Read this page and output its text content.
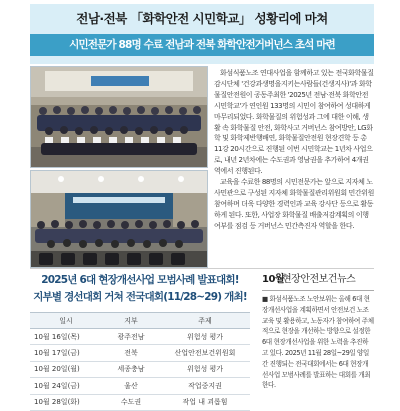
전남·전북 「화학안전 시민학교」 성황리에 마쳐
시민전문가 88명 수료 전남과 전북 화학안전거버넌스 초석 마련

화섬식품노조 연대사업을 함께하고 있는 전국화학물질감시단체 '건강과생명을지키는사람들(건생지사)'과 화학물질안전원이 공동주최한 '2025년 전남·전북 화학안전 시민학교'가 연인원 133명의 시민이 참여하여 성대하게 마무리되었다. 화학물질의 위험성과 그에 대한 이해, 생활 속 화학물질 안전, 화학사고 거버넌스 참여방안, LG화학 및 화학제반행배연, 화학물질안전원 현장견학 등 총 11강 20시간으로 진행된 이번 시민학교는 1년차 사업으로, 내년 2년차에는 수도권과 영남권을 추가하여 4개권역에서 진행된다.

교육을 수료한 88명의 시민전문가는 앞으로 지자체 노사민관으로 구성된 지자체 화학물질관리위원회 민간위원 참여하며 더욱 다양한 경력인과 교육 강사단 등으로 활동하게 된다. 또한, 사업장 화학물질 배출저감계획의 이행여부를 점검 등 거버넌스 민간측진자 역할을 한다.

2025년 6대 현장개선사업 모범사례 발표대회!
지부별 경선대회 거쳐 전국대회(11/28~29) 개최!
일시	지부	주제
10월 16일(목)	광주전남	위험성 평가
10월 17일(금)	전북	산업안전보건위원회
10월 20일(월)	세종충남	위험성 평가
10월 24일(금)	울산	작업중지권
10월 28일(화)	수도권	작업 내 괴롭힘
10월
현장안전보건뉴스

■ 화섬식품노조 노안보위는 올해 6대 현장개선사업을 계획하면서 안전보건 노조 교육 및 활용하고, 노동자가 참여하여 주체적으로 현장을 개선하는 방향으로 설정한 6대 현장개선사업을 위한 노력을 추진하고 있다. 2025년 11월 28일~29일 양일간 진행되는 전국대회에서는 6대 현장개선사업 모범사례를 발표하는 대회를 개최한다.
